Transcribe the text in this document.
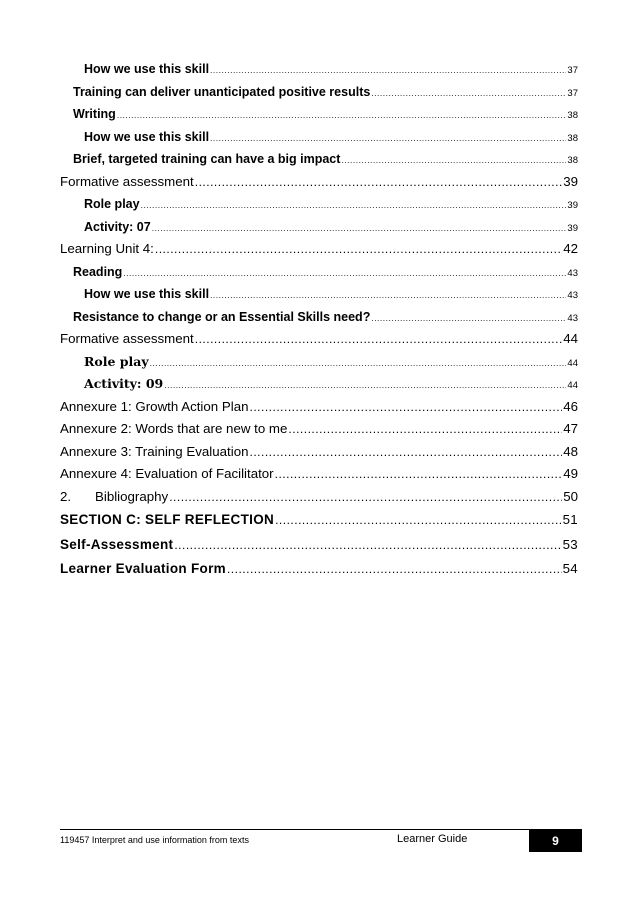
How we use this skill .....	37
Training can deliver unanticipated positive results .....	37
Writing .....	38
How we use this skill .....	38
Brief, targeted training can have a big impact .....	38
Formative assessment .....	39
Role play .....	39
Activity: 07 .....	39
Learning Unit 4: .....	42
Reading .....	43
How we use this skill .....	43
Resistance to change or an Essential Skills need? .....	43
Formative assessment .....	44
Role play .....	44
Activity: 09 .....	44
Annexure 1: Growth Action Plan .....	46
Annexure 2: Words that are new to me .....	47
Annexure 3: Training Evaluation .....	48
Annexure 4: Evaluation of Facilitator .....	49
2. Bibliography .....	50
SECTION C: SELF REFLECTION .....	51
Self-Assessment .....	53
Learner Evaluation Form .....	54
119457 Interpret and use information from texts	Learner Guide	9
